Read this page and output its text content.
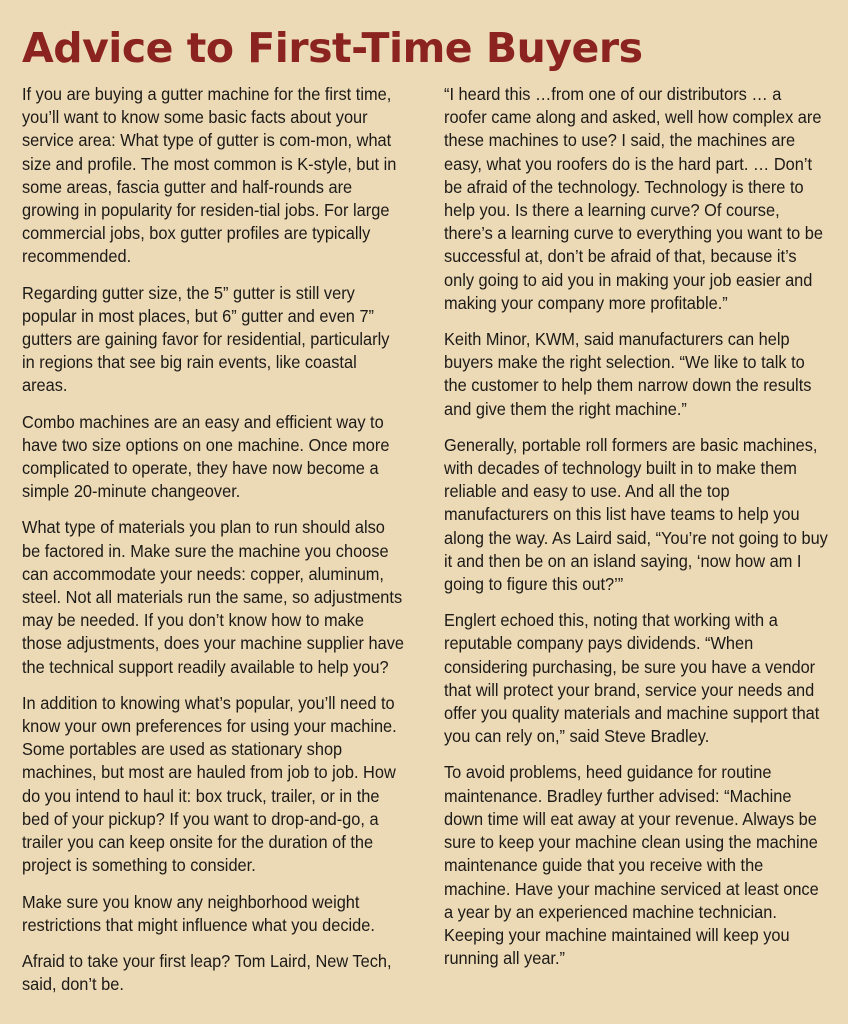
Advice to First-Time Buyers

If you are buying a gutter machine for the first time, you’ll want to know some basic facts about your service area: What type of gutter is com-mon, what size and profile. The most common is K-style, but in some areas, fascia gutter and half-rounds are growing in popularity for residen-tial jobs. For large commercial jobs, box gutter profiles are typically recommended.

Regarding gutter size, the 5” gutter is still very popular in most places, but 6” gutter and even 7” gutters are gaining favor for residential, particularly in regions that see big rain events, like coastal areas.

Combo machines are an easy and efficient way to have two size options on one machine. Once more complicated to operate, they have now become a simple 20-minute changeover.

What type of materials you plan to run should also be factored in. Make sure the machine you choose can accommodate your needs: copper, aluminum, steel. Not all materials run the same, so adjustments may be needed. If you don’t know how to make those adjustments, does your machine supplier have the technical support readily available to help you?

In addition to knowing what’s popular, you’ll need to know your own preferences for using your machine. Some portables are used as stationary shop machines, but most are hauled from job to job. How do you intend to haul it: box truck, trailer, or in the bed of your pickup? If you want to drop-and-go, a trailer you can keep onsite for the duration of the project is something to consider.

Make sure you know any neighborhood weight restrictions that might influence what you decide.

Afraid to take your first leap? Tom Laird, New Tech, said, don’t be.

“I heard this …from one of our distributors … a roofer came along and asked, well how complex are these machines to use? I said, the machines are easy, what you roofers do is the hard part. … Don’t be afraid of the technology. Technology is there to help you. Is there a learning curve? Of course, there’s a learning curve to everything you want to be successful at, don’t be afraid of that, because it’s only going to aid you in making your job easier and making your company more profitable.”

Keith Minor, KWM, said manufacturers can help buyers make the right selection. “We like to talk to the customer to help them narrow down the results and give them the right machine.”

Generally, portable roll formers are basic machines, with decades of technology built in to make them reliable and easy to use. And all the top manufacturers on this list have teams to help you along the way. As Laird said, “You’re not going to buy it and then be on an island saying, ‘now how am I going to figure this out?’”

Englert echoed this, noting that working with a reputable company pays dividends. “When considering purchasing, be sure you have a vendor that will protect your brand, service your needs and offer you quality materials and machine support that you can rely on,” said Steve Bradley.

To avoid problems, heed guidance for routine maintenance. Bradley further advised: “Machine down time will eat away at your revenue. Always be sure to keep your machine clean using the machine maintenance guide that you receive with the machine. Have your machine serviced at least once a year by an experienced machine technician. Keeping your machine maintained will keep you running all year.”
